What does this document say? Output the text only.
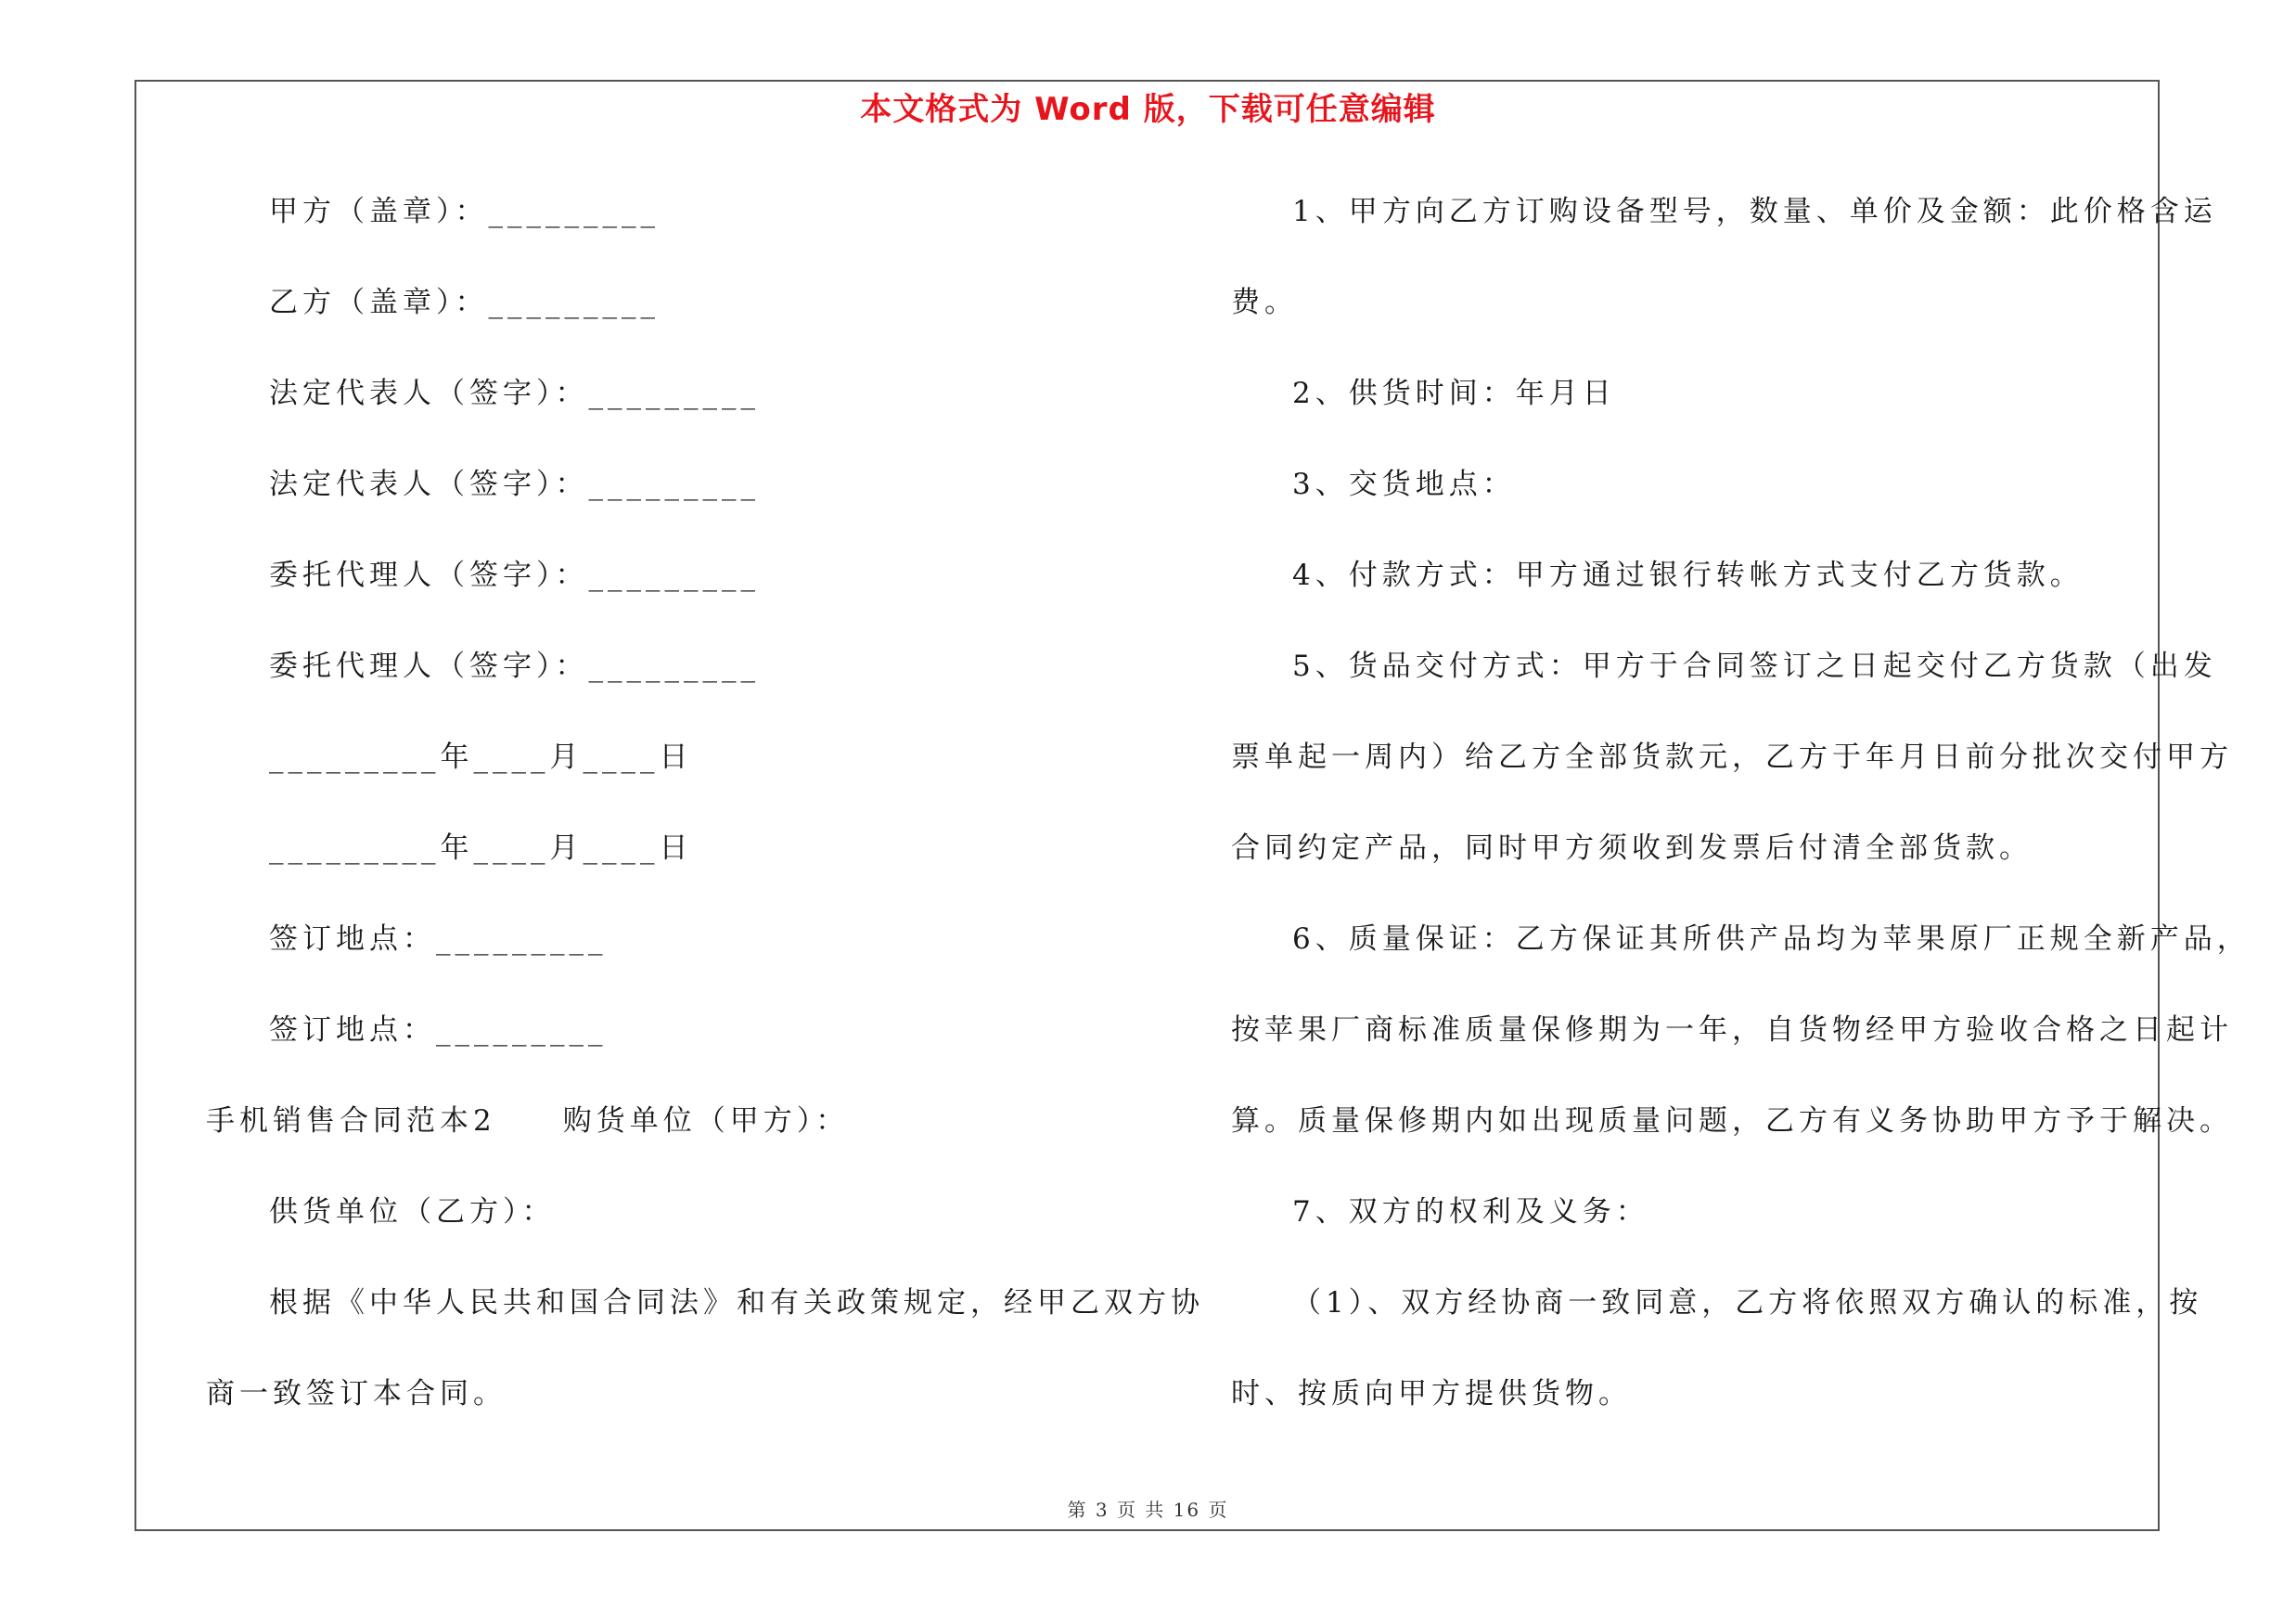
本文格式为 Word 版，下载可任意编辑
甲方（盖章）：_________
乙方（盖章）：_________
法定代表人（签字）：_________
法定代表人（签字）：_________
委托代理人（签字）：_________
委托代理人（签字）：_________
_________年____月____日
_________年____月____日
签订地点：_________
签订地点：_________
手机销售合同范本2　　购货单位（甲方）：
供货单位（乙方）：
根据《中华人民共和国合同法》和有关政策规定，经甲乙双方协
商一致签订本合同。
1、甲方向乙方订购设备型号，数量、单价及金额：此价格含运
费。
2、供货时间：年月日
3、交货地点：
4、付款方式：甲方通过银行转帐方式支付乙方货款。
5、货品交付方式：甲方于合同签订之日起交付乙方货款（出发
票单起一周内）给乙方全部货款元，乙方于年月日前分批次交付甲方
合同约定产品，同时甲方须收到发票后付清全部货款。
6、质量保证：乙方保证其所供产品均为苹果原厂正规全新产品，
按苹果厂商标准质量保修期为一年，自货物经甲方验收合格之日起计
算。质量保修期内如出现质量问题，乙方有义务协助甲方予于解决。
7、双方的权利及义务：
（1）、双方经协商一致同意，乙方将依照双方确认的标准，按
时、按质向甲方提供货物。
第 3 页 共 16 页
